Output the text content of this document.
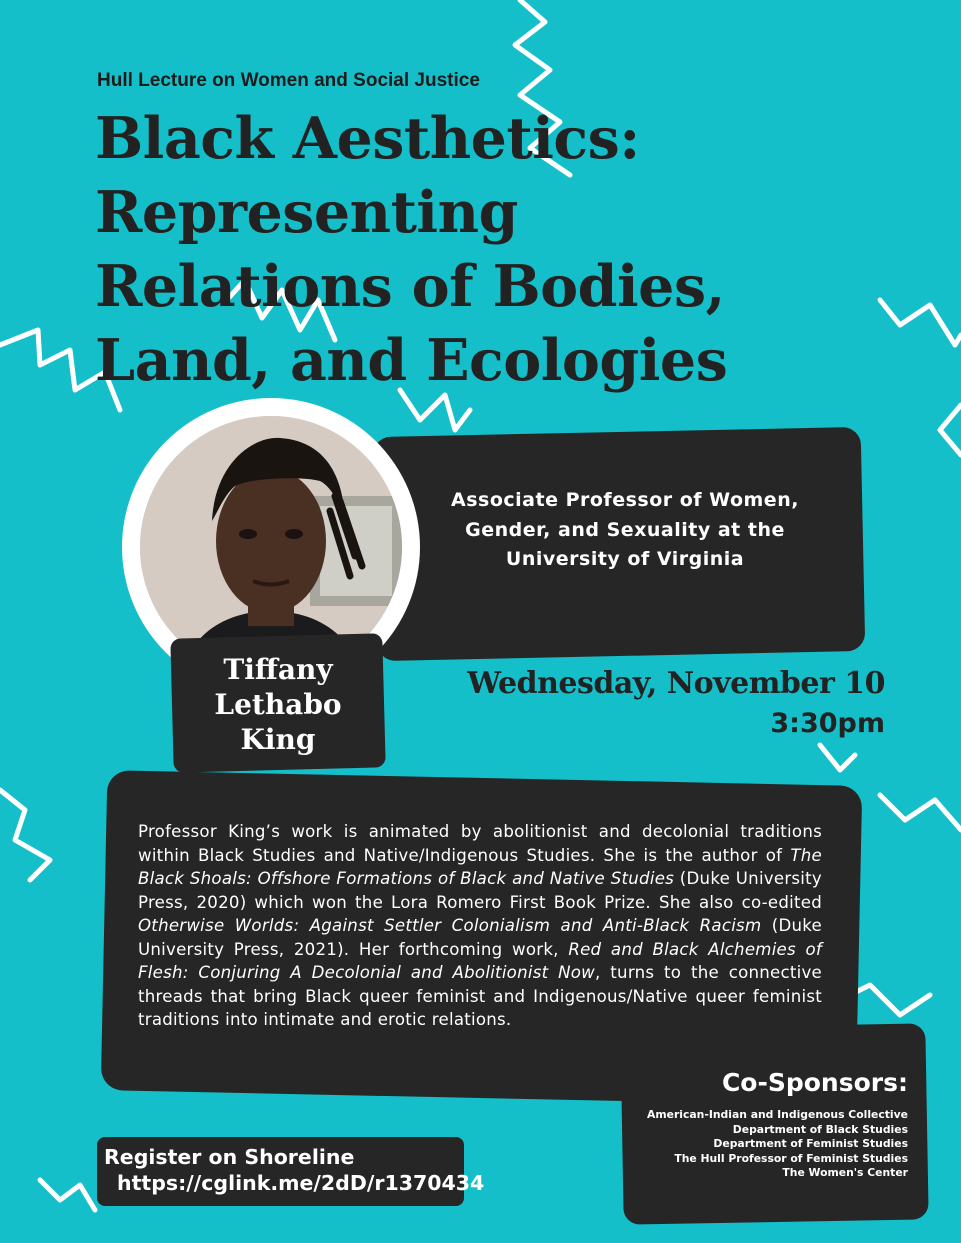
Hull Lecture on Women and Social Justice
Black Aesthetics:
Representing
Relations of Bodies,
Land, and Ecologies
Associate Professor of Women, Gender, and Sexuality at the University of Virginia
Tiffany
Lethabo
King
Wednesday, November 10
3:30pm

Professor King’s work is animated by abolitionist and decolonial traditions within Black Studies and Native/Indigenous Studies. She is the author of The Black Shoals: Offshore Formations of Black and Native Studies (Duke University Press, 2020) which won the Lora Romero First Book Prize. She also co-edited Otherwise Worlds: Against Settler Colonialism and Anti-Black Racism (Duke University Press, 2021). Her forthcoming work, Red and Black Alchemies of Flesh: Conjuring A Decolonial and Abolitionist Now, turns to the connective threads that bring Black queer feminist and Indigenous/Native queer feminist traditions into intimate and erotic relations.

Co-Sponsors:
American-Indian and Indigenous Collective
Department of Black Studies
Department of Feminist Studies
The Hull Professor of Feminist Studies
The Women's Center
Register on Shoreline
https://cglink.me/2dD/r1370434
